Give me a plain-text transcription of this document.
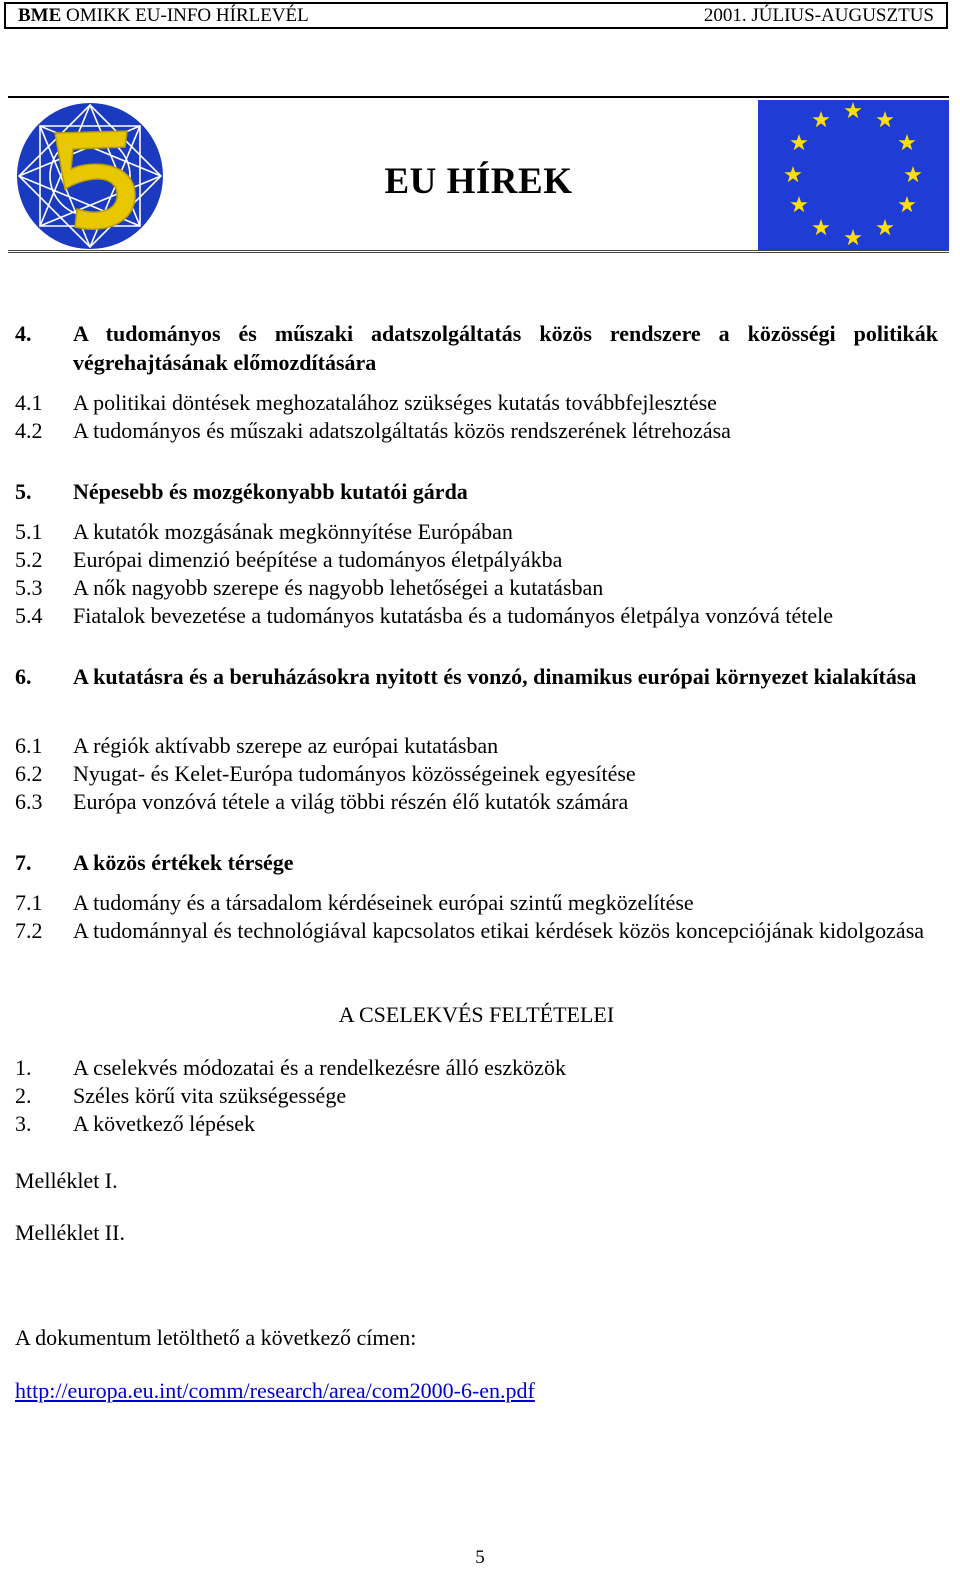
BME OMIKK EU-INFO HÍRLEVÉL	2001. JÚLIUS-AUGUSZTUS
EU HÍREK
4.	A tudományos és műszaki adatszolgáltatás közös rendszere a közösségi politikák végrehajtásának előmozdítására
4.1	A politikai döntések meghozatalához szükséges kutatás továbbfejlesztése
4.2	A tudományos és műszaki adatszolgáltatás közös rendszerének létrehozása
5.	Népesebb és mozgékonyabb kutatói gárda
5.1	A kutatók mozgásának megkönnyítése Európában
5.2	Európai dimenzió beépítése a tudományos életpályákba
5.3	A nők nagyobb szerepe és nagyobb lehetőségei a kutatásban
5.4	Fiatalok bevezetése a tudományos kutatásba és a tudományos életpálya vonzóvá tétele
6.	A kutatásra és a beruházásokra nyitott és vonzó, dinamikus európai környezet kialakítása
6.1	A régiók aktívabb szerepe az európai kutatásban
6.2	Nyugat- és Kelet-Európa tudományos közösségeinek egyesítése
6.3	Európa vonzóvá tétele a világ többi részén élő kutatók számára
7.	A közös értékek térsége
7.1	A tudomány és a társadalom kérdéseinek európai szintű megközelítése
7.2	A tudománnyal és technológiával kapcsolatos etikai kérdések közös koncepciójának kidolgozása
A CSELEKVÉS FELTÉTELEI
1.	A cselekvés módozatai és a rendelkezésre álló eszközök
2.	Széles körű vita szükségessége
3.	A következő lépések
Melléklet I.
Melléklet II.
A dokumentum letölthető a következő címen:
http://europa.eu.int/comm/research/area/com2000-6-en.pdf
5
